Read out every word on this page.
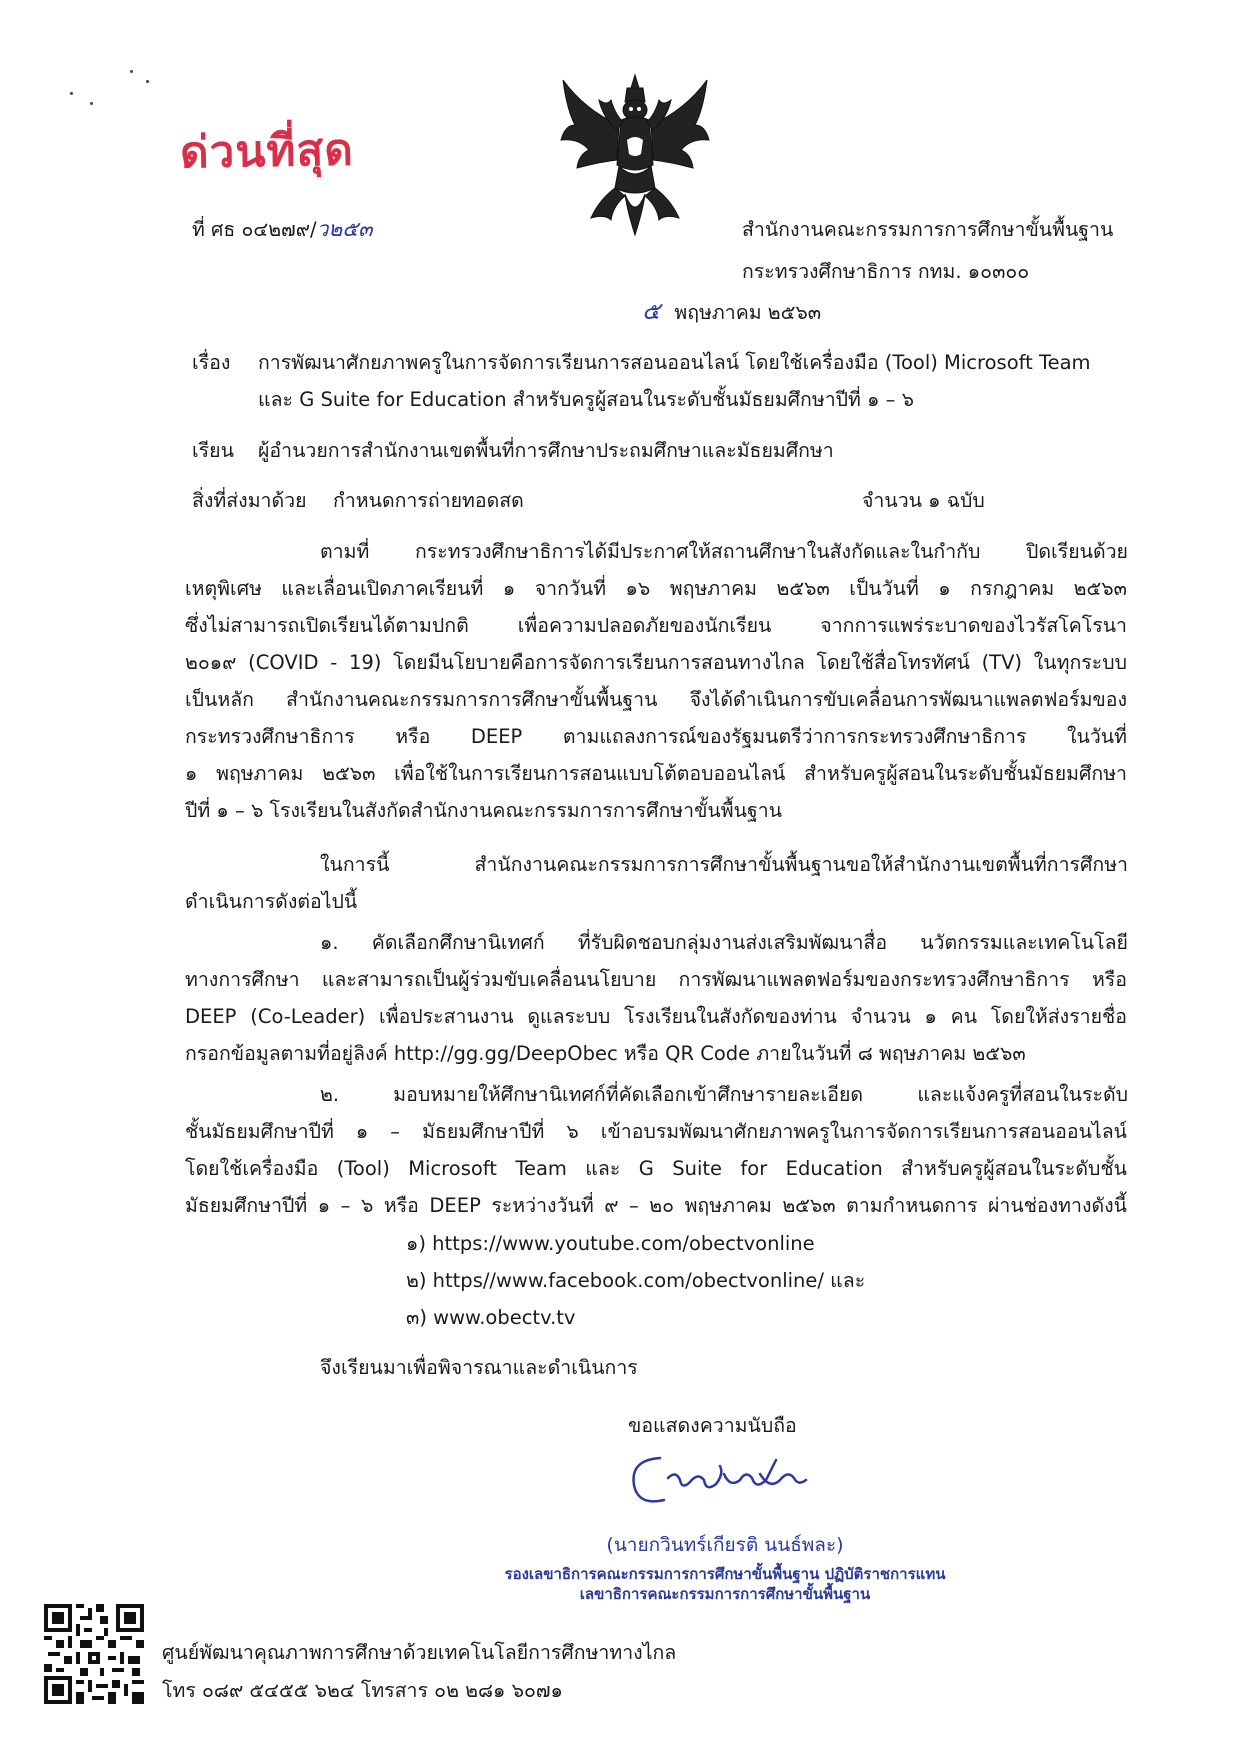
ด่วนที่สุด
ที่ ศธ ๐๔๒๗๙/ว๒๕๓	สำนักงานคณะกรรมการการศึกษาขั้นพื้นฐาน
กระทรวงศึกษาธิการ กทม. ๑๐๓๐๐
๕ พฤษภาคม ๒๕๖๓
เรื่อง การพัฒนาศักยภาพครูในการจัดการเรียนการสอนออนไลน์ โดยใช้เครื่องมือ (Tool) Microsoft Team
และ G Suite for Education สำหรับครูผู้สอนในระดับชั้นมัธยมศึกษาปีที่ ๑ – ๖
เรียน ผู้อำนวยการสำนักงานเขตพื้นที่การศึกษาประถมศึกษาและมัธยมศึกษา
สิ่งที่ส่งมาด้วย กำหนดการถ่ายทอดสด	จำนวน ๑ ฉบับ
ตามที่ กระทรวงศึกษาธิการได้มีประกาศให้สถานศึกษาในสังกัดและในกำกับ ปิดเรียนด้วย
เหตุพิเศษ และเลื่อนเปิดภาคเรียนที่ ๑ จากวันที่ ๑๖ พฤษภาคม ๒๕๖๓ เป็นวันที่ ๑ กรกฎาคม ๒๕๖๓
ซึ่งไม่สามารถเปิดเรียนได้ตามปกติ เพื่อความปลอดภัยของนักเรียน จากการแพร่ระบาดของไวรัสโคโรนา
๒๐๑๙ (COVID - 19) โดยมีนโยบายคือการจัดการเรียนการสอนทางไกล โดยใช้สื่อโทรทัศน์ (TV) ในทุกระบบ
เป็นหลัก สำนักงานคณะกรรมการการศึกษาขั้นพื้นฐาน จึงได้ดำเนินการขับเคลื่อนการพัฒนาแพลตฟอร์มของ
กระทรวงศึกษาธิการ หรือ DEEP ตามแถลงการณ์ของรัฐมนตรีว่าการกระทรวงศึกษาธิการ ในวันที่
๑ พฤษภาคม ๒๕๖๓ เพื่อใช้ในการเรียนการสอนแบบโต้ตอบออนไลน์ สำหรับครูผู้สอนในระดับชั้นมัธยมศึกษา
ปีที่ ๑ – ๖ โรงเรียนในสังกัดสำนักงานคณะกรรมการการศึกษาขั้นพื้นฐาน
ในการนี้ สำนักงานคณะกรรมการการศึกษาขั้นพื้นฐานขอให้สำนักงานเขตพื้นที่การศึกษา
ดำเนินการดังต่อไปนี้
๑. คัดเลือกศึกษานิเทศก์ ที่รับผิดชอบกลุ่มงานส่งเสริมพัฒนาสื่อ นวัตกรรมและเทคโนโลยี
ทางการศึกษา และสามารถเป็นผู้ร่วมขับเคลื่อนนโยบาย การพัฒนาแพลตฟอร์มของกระทรวงศึกษาธิการ หรือ
DEEP (Co-Leader) เพื่อประสานงาน ดูแลระบบ โรงเรียนในสังกัดของท่าน จำนวน ๑ คน โดยให้ส่งรายชื่อ
กรอกข้อมูลตามที่อยู่ลิงค์ http://gg.gg/DeepObec หรือ QR Code ภายในวันที่ ๘ พฤษภาคม ๒๕๖๓
๒. มอบหมายให้ศึกษานิเทศก์ที่คัดเลือกเข้าศึกษารายละเอียด และแจ้งครูที่สอนในระดับ
ชั้นมัธยมศึกษาปีที่ ๑ – มัธยมศึกษาปีที่ ๖ เข้าอบรมพัฒนาศักยภาพครูในการจัดการเรียนการสอนออนไลน์
โดยใช้เครื่องมือ (Tool) Microsoft Team และ G Suite for Education สำหรับครูผู้สอนในระดับชั้น
มัธยมศึกษาปีที่ ๑ – ๖ หรือ DEEP ระหว่างวันที่ ๙ – ๒๐ พฤษภาคม ๒๕๖๓ ตามกำหนดการ ผ่านช่องทางดังนี้
๑) https://www.youtube.com/obectvonline
๒) https//www.facebook.com/obectvonline/ และ
๓) www.obectv.tv
จึงเรียนมาเพื่อพิจารณาและดำเนินการ
ขอแสดงความนับถือ
(นายกวินทร์เกียรติ นนธ์พละ)
รองเลขาธิการคณะกรรมการการศึกษาขั้นพื้นฐาน ปฏิบัติราชการแทน
เลขาธิการคณะกรรมการการศึกษาขั้นพื้นฐาน
ศูนย์พัฒนาคุณภาพการศึกษาด้วยเทคโนโลยีการศึกษาทางไกล
โทร ๐๘๙ ๕๔๕๕ ๖๒๔ โทรสาร ๐๒ ๒๘๑ ๖๐๗๑
